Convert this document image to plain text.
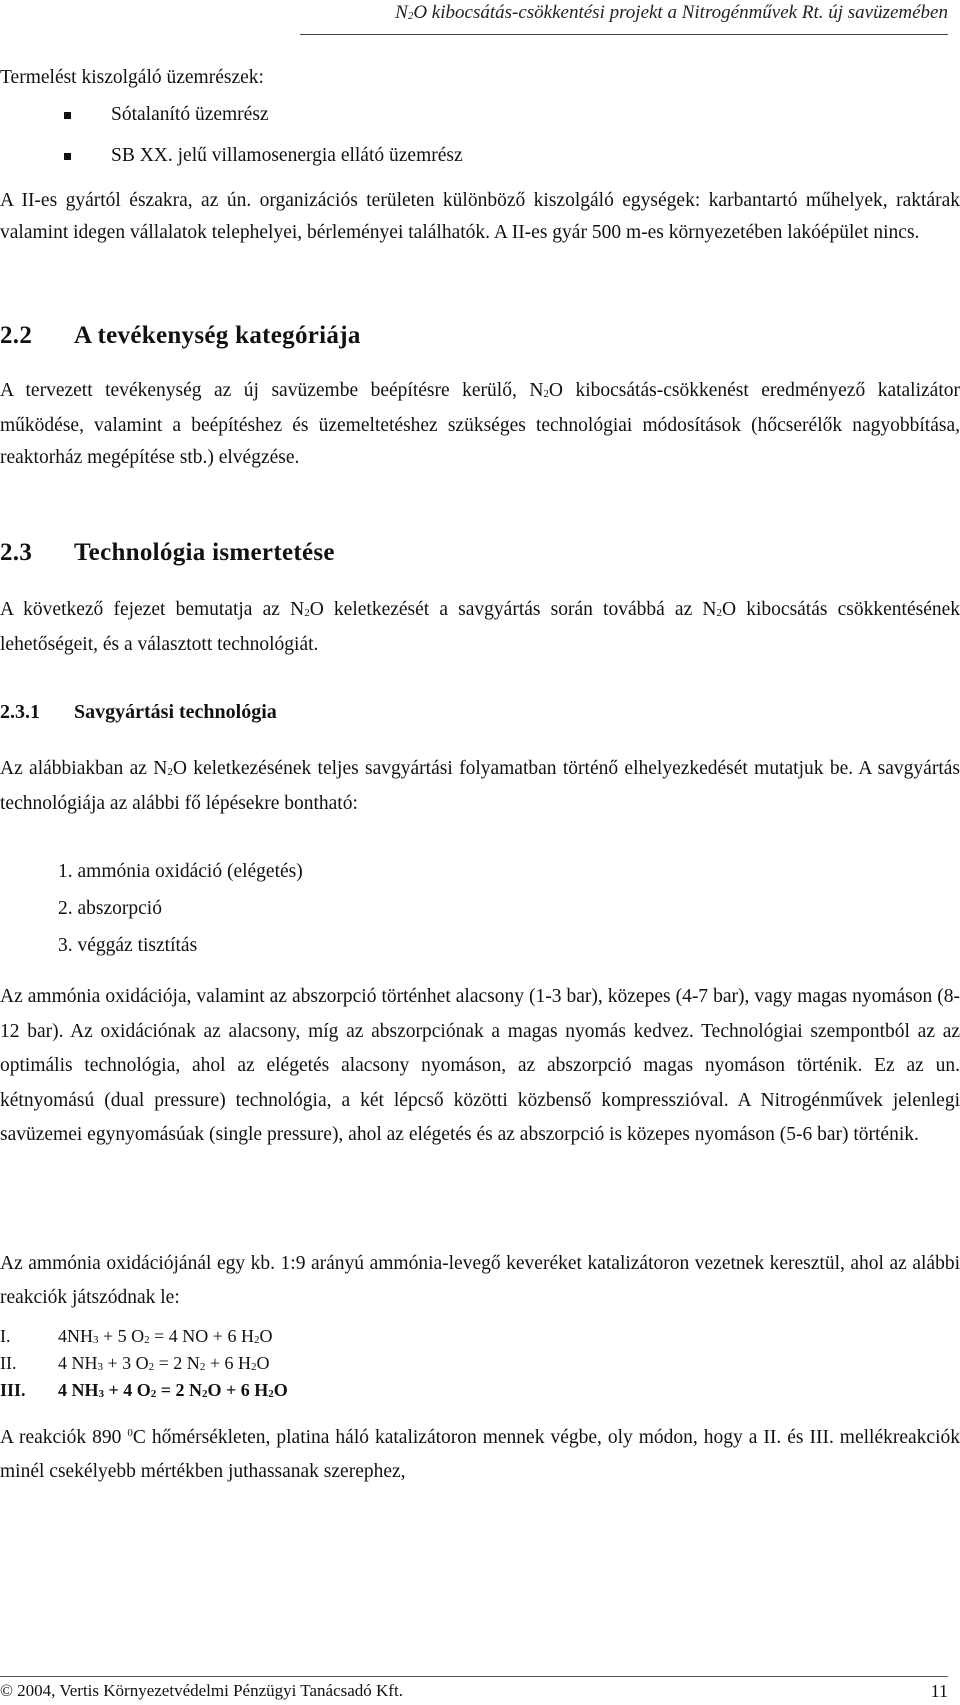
$N_2O$ kibocsátás-csökkentési projekt a Nitrogénművek Rt. új savüzemében

Termelést kiszolgáló üzemrészek:

Sótalanító üzemrész
SB XX. jelű villamosenergia ellátó üzemrész

A II-es gyártól északra, az ún. organizációs területen különböző kiszolgáló egységek: karbantartó műhelyek, raktárak valamint idegen vállalatok telephelyei, bérleményei találhatók. A II-es gyár 500 m-es környezetében lakóépület nincs.

2.2 A tevékenység kategóriája

A tervezett tevékenység az új savüzembe beépítésre kerülő, $N_2O$ kibocsátás-csökkenést eredményező katalizátor működése, valamint a beépítéshez és üzemeltetéshez szükséges technológiai módosítások (hőcserélők nagyobbítása, reaktorház megépítése stb.) elvégzése.

2.3 Technológia ismertetése

A következő fejezet bemutatja az $N_2O$ keletkezését a savgyártás során továbbá az $N_2O$ kibocsátás csökkentésének lehetőségeit, és a választott technológiát.

2.3.1 Savgyártási technológia

Az alábbiakban az $N_2O$ keletkezésének teljes savgyártási folyamatban történő elhelyezkedését mutatjuk be. A savgyártás technológiája az alábbi fő lépésekre bontható:

1. ammónia oxidáció (elégetés)
2. abszorpció
3. véggáz tisztítás

Az ammónia oxidációja, valamint az abszorpció történhet alacsony (1-3 bar), közepes (4-7 bar), vagy magas nyomáson (8-12 bar). Az oxidációnak az alacsony, míg az abszorpciónak a magas nyomás kedvez. Technológiai szempontból az az optimális technológia, ahol az elégetés alacsony nyomáson, az abszorpció magas nyomáson történik. Ez az un. kétnyomású (dual pressure) technológia, a két lépcső közötti közbenső kompresszióval. A Nitrogénművek jelenlegi savüzemei egynyomásúak (single pressure), ahol az elégetés és az abszorpció is közepes nyomáson (5-6 bar) történik.

Az ammónia oxidációjánál egy kb. 1:9 arányú ammónia-levegő keveréket katalizátoron vezetnek keresztül, ahol az alábbi reakciók játszódnak le:

I.	$4NH_3 + 5$ $O_2 = 4$ NO + 6 $H_2O$
II. 4 $NH_3 + 3$ $O_2 = 2$ $N_2 + 6$ $H_2O$
III. 4 $NH_3 + 4$ $O_2 = 2$ $N_2O + 6$ $H_2O$

A reakciók 890 $^0$C hőmérsékleten, platina háló katalizátoron mennek végbe, oly módon, hogy a II. és III. mellékreakciók minél csekélyebb mértékben juthassanak szerephez,

© 2004, Vertis Környezetvédelmi Pénzügyi Tanácsadó Kft.	11
